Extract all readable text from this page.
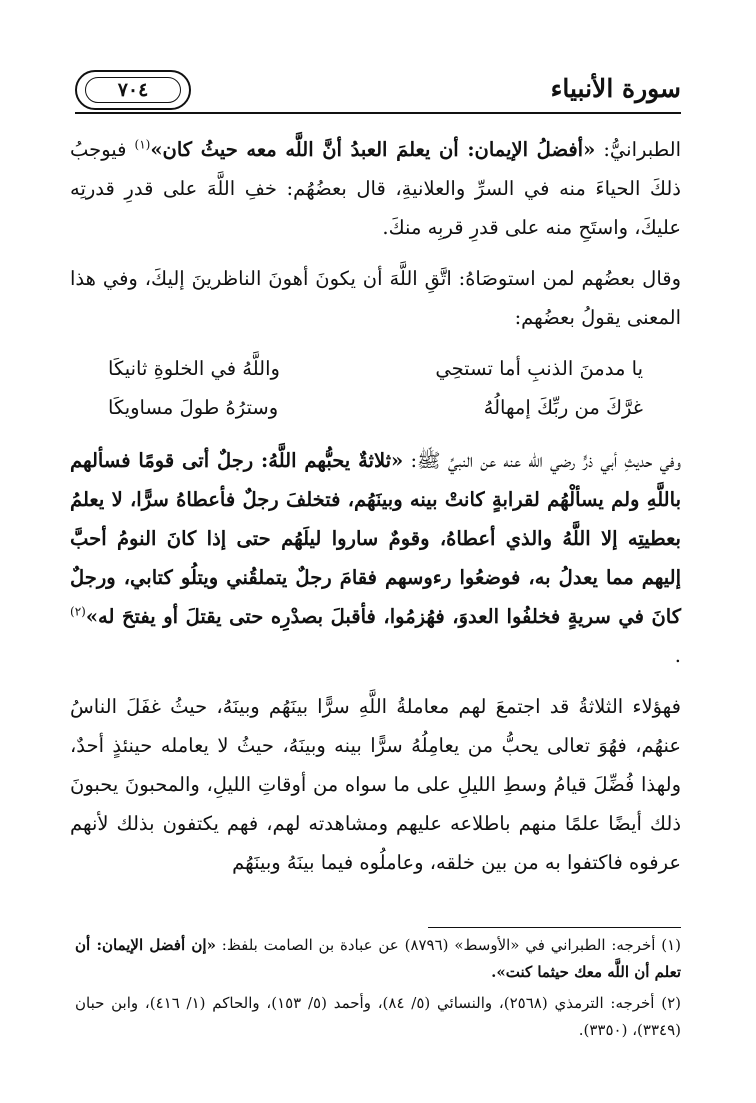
سورة الأنبياء
٧٠٤

الطبرانيُّ: «أفضلُ الإيمان: أن يعلمَ العبدُ أنَّ اللَّه معه حيثُ كان»$^{(١)}$ فيوجبُ ذلكَ الحياءَ منه في السرِّ والعلانيةِ، قال بعضُهُم: خفِ اللَّهَ على قدرِ قدرتِه عليكَ، واستَحِ منه على قدرِ قربِه منكَ.

وقال بعضُهم لمن استوصَاهُ: اتَّقِ اللَّهَ أن يكونَ أهونَ الناظرينَ إليكَ، وفي هذا المعنى يقولُ بعضُهم:

يا مدمنَ الذنبِ أما تستحِي
واللَّهُ في الخلوةِ ثانيكَا
غرَّكَ من ربِّكَ إمهالُهُ
وسترُهُ طولَ مساويكَا

وفي حديثِ أبي ذرٍّ رضي الله عنه عن النبيِّ ﷺ: «ثلاثةٌ يحبُّهم اللَّهُ: رجلٌ أتى قومًا فسألهم باللَّهِ ولم يسألْهُم لقرابةٍ كانتْ بينه وبينَهُم، فتخلفَ رجلٌ فأعطاهُ سرًّا، لا يعلمُ بعطيتِه إلا اللَّهُ والذي أعطاهُ، وقومٌ ساروا ليلَهُم حتى إذا كانَ النومُ أحبَّ إليهم مما يعدلُ به، فوضعُوا رءوسهم فقامَ رجلٌ يتملقُني ويتلُو كتابي، ورجلٌ كانَ في سريةٍ فخلفُوا العدوَ، فهُزمُوا، فأقبلَ بصدْرِه حتى يقتلَ أو يفتحَ له»$^{(٢)}$ .

فهؤلاء الثلاثةُ قد اجتمعَ لهم معاملةُ اللَّهِ سرًّا بينَهُم وبينَهُ، حيثُ غفَلَ الناسُ عنهُم، فهُوَ تعالى يحبُّ من يعامِلُهُ سرًّا بينه وبينَهُ، حيثُ لا يعامله حينئذٍ أحدٌ، ولهذا فُضِّلَ قيامُ وسطِ الليلِ على ما سواه من أوقاتِ الليلِ، والمحبونَ يحبونَ ذلك أيضًا علمًا منهم باطلاعه عليهم ومشاهدته لهم، فهم يكتفون بذلك لأنهم عرفوه فاكتفوا به من بين خلقه، وعاملُوه فيما بينَهُ وبينَهُم

(١) أخرجه: الطبراني في «الأوسط» (٨٧٩٦) عن عبادة بن الصامت بلفظ: «إن أفضل الإيمان: أن تعلم أن اللَّه معك حيثما كنت».

(٢) أخرجه: الترمذي (٢٥٦٨)، والنسائي (٥/ ٨٤)، وأحمد (٥/ ١٥٣)، والحاكم (١/ ٤١٦)، وابن حبان (٣٣٤٩)، (٣٣٥٠).
